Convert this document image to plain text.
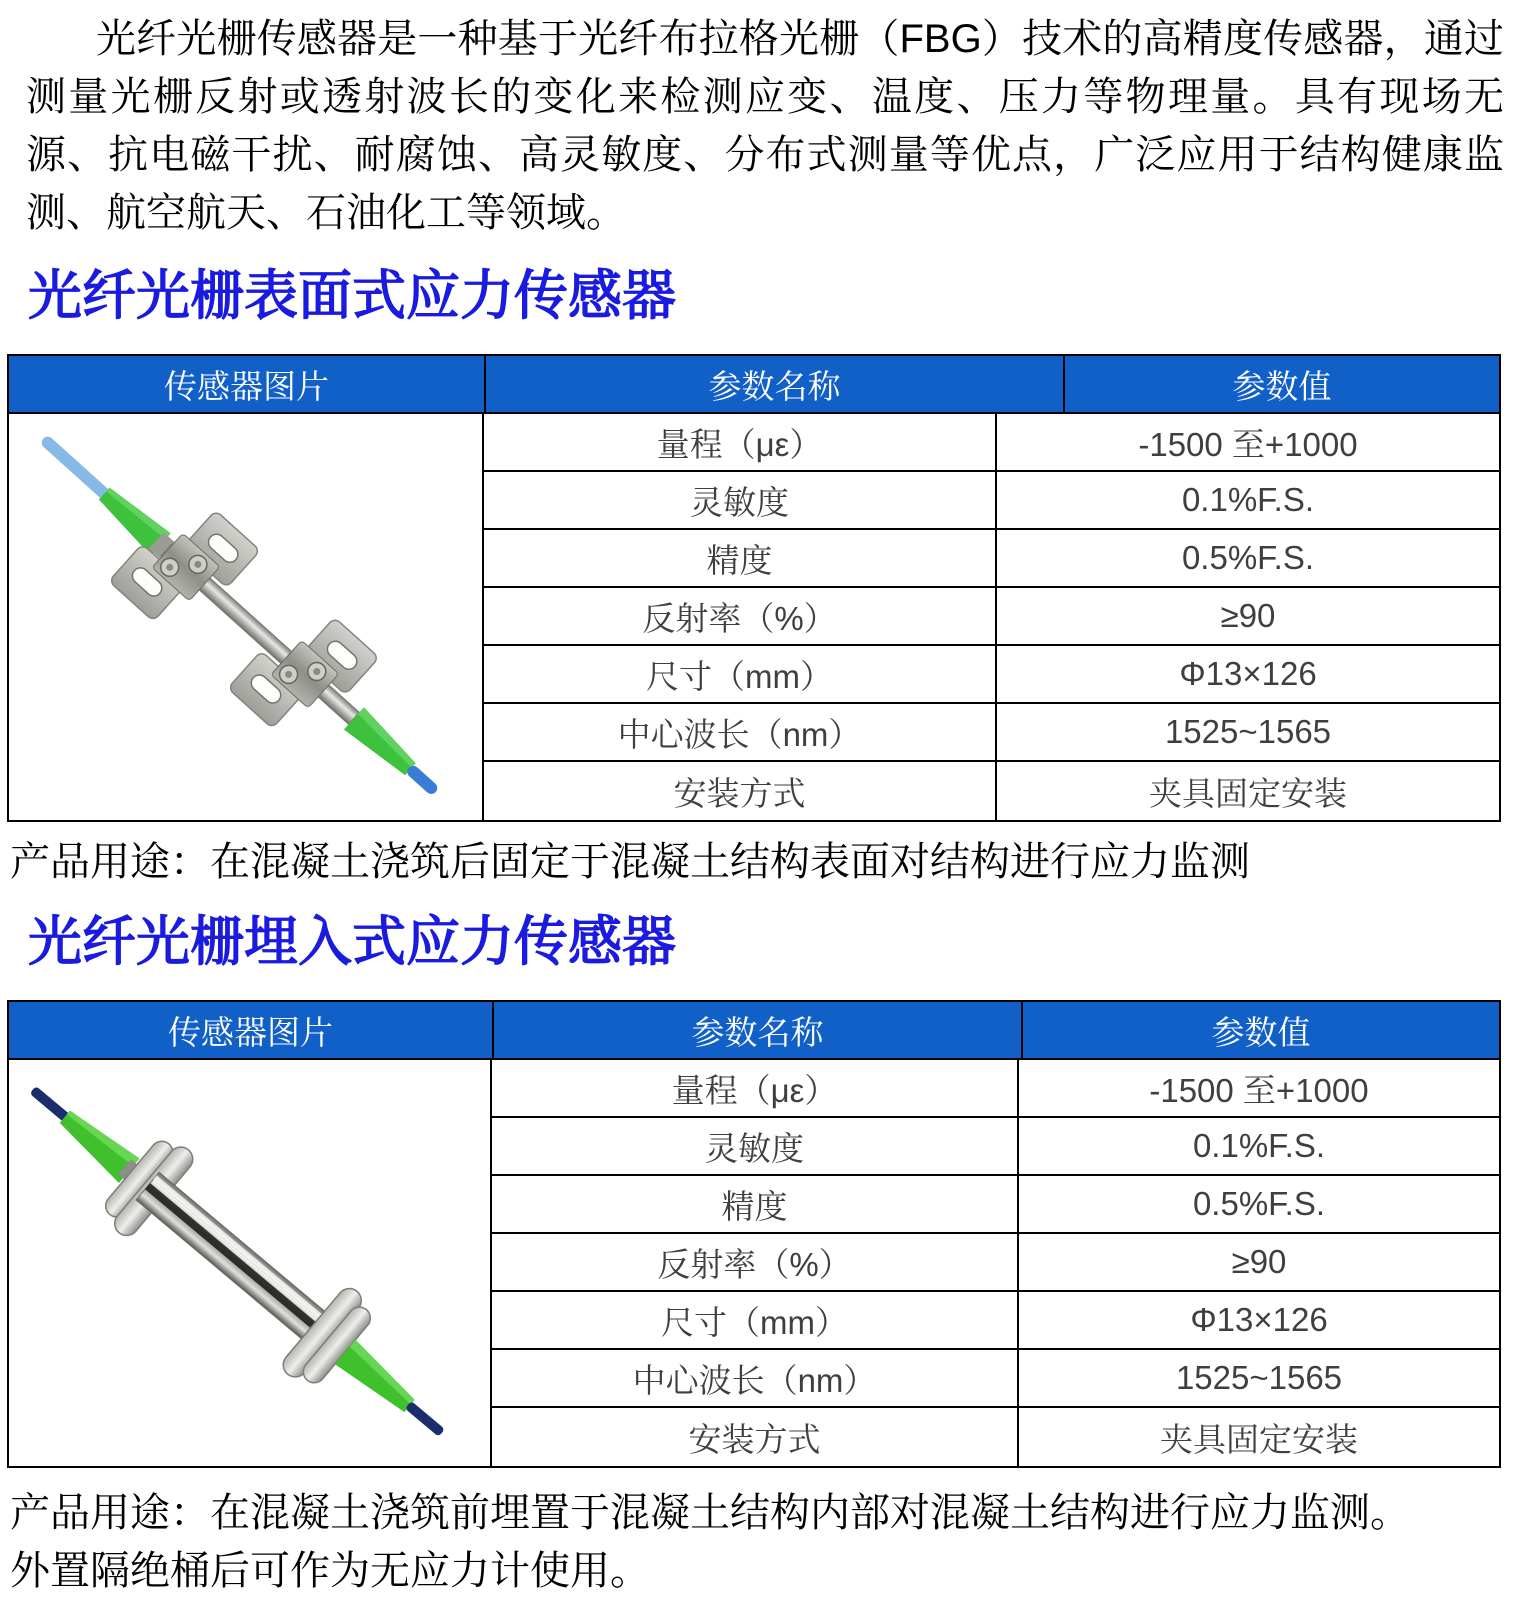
光纤光栅传感器是一种基于光纤布拉格光栅（FBG）技术的高精度传感器，通过测量光栅反射或透射波长的变化来检测应变、温度、压力等物理量。具有现场无源、抗电磁干扰、耐腐蚀、高灵敏度、分布式测量等优点，广泛应用于结构健康监测、航空航天、石油化工等领域。

光纤光栅表面式应力传感器
传感器图片	参数名称	参数值
量程（με）	-1500 至+1000
灵敏度	0.1%F.S.
精度	0.5%F.S.
反射率（%）	≥90
尺寸（mm）	Φ13×126
中心波长（nm）	1525~1565
安装方式	夹具固定安装
产品用途：在混凝土浇筑后固定于混凝土结构表面对结构进行应力监测
光纤光栅埋入式应力传感器
传感器图片	参数名称	参数值
量程（με）	-1500 至+1000
灵敏度	0.1%F.S.
精度	0.5%F.S.
反射率（%）	≥90
尺寸（mm）	Φ13×126
中心波长（nm）	1525~1565
安装方式	夹具固定安装
产品用途：在混凝土浇筑前埋置于混凝土结构内部对混凝土结构进行应力监测。
外置隔绝桶后可作为无应力计使用。
